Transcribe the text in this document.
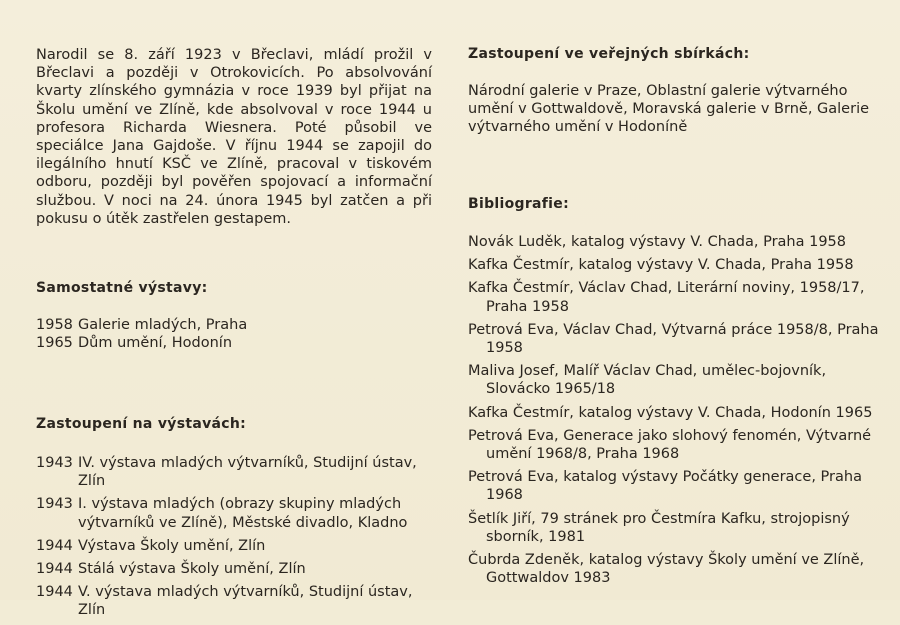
Narodil se 8. září 1923 v Břeclavi, mládí prožil v Břeclavi a později v Otrokovicích. Po absolvování kvarty zlínského gymnázia v roce 1939 byl přijat na Školu umění ve Zlíně, kde absolvoval v roce 1944 u profesora Richarda Wiesnera. Poté působil ve speciálce Jana Gajdoše. V říjnu 1944 se zapojil do ilegálního hnutí KSČ ve Zlíně, pracoval v tiskovém odboru, později byl pověřen spojovací a informační službou. V noci na 24. února 1945 byl zatčen a při pokusu o útěk zastřelen gestapem.

Samostatné výstavy:
1958 Galerie mladých, Praha
1965 Dům umění, Hodonín
Zastoupení na výstavách:
1943 IV. výstava mladých výtvarníků, Studijní ústav, Zlín
1943 I. výstava mladých (obrazy skupiny mladých výtvarníků ve Zlíně), Městské divadlo, Kladno
1944 Výstava Školy umění, Zlín
1944 Stálá výstava Školy umění, Zlín
1944 V. výstava mladých výtvarníků, Studijní ústav, Zlín
Zastoupení ve veřejných sbírkách:

Národní galerie v Praze, Oblastní galerie výtvarného umění v Gottwaldově, Moravská galerie v Brně, Galerie výtvarného umění v Hodoníně

Bibliografie:
Novák Luděk, katalog výstavy V. Chada, Praha 1958
Kafka Čestmír, katalog výstavy V. Chada, Praha 1958
Kafka Čestmír, Václav Chad, Literární noviny, 1958/17, Praha 1958
Petrová Eva, Václav Chad, Výtvarná práce 1958/8, Praha 1958
Maliva Josef, Malíř Václav Chad, umělec-bojovník, Slovácko 1965/18
Kafka Čestmír, katalog výstavy V. Chada, Hodonín 1965
Petrová Eva, Generace jako slohový fenomén, Výtvarné umění 1968/8, Praha 1968
Petrová Eva, katalog výstavy Počátky generace, Praha 1968
Šetlík Jiří, 79 stránek pro Čestmíra Kafku, strojopisný sborník, 1981
Čubrda Zdeněk, katalog výstavy Školy umění ve Zlíně, Gottwaldov 1983
